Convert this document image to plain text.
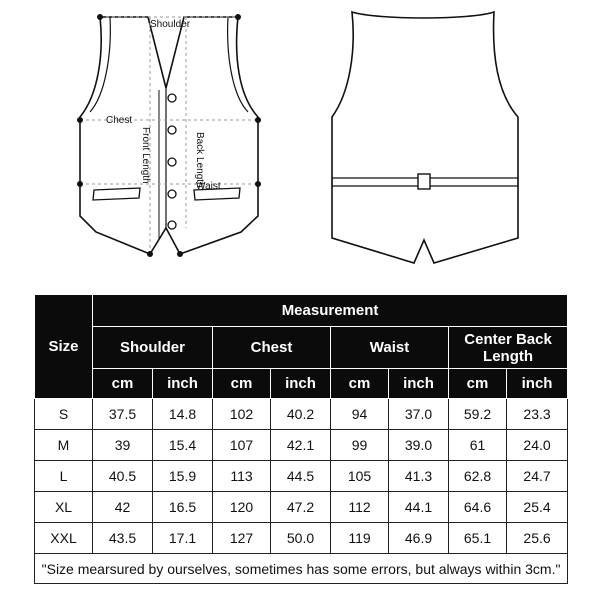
Shoulder
Chest
Waist
Front Length	Back Length
Size	Measurement							
	Shoulder		Chest		Waist		Center Back Length	
	cm	inch	cm	inch	cm	inch	cm	inch
S	37.5	14.8	102	40.2	94	37.0	59.2	23.3
M	39	15.4	107	42.1	99	39.0	61	24.0
L	40.5	15.9	113	44.5	105	41.3	62.8	24.7
XL	42	16.5	120	47.2	112	44.1	64.6	25.4
XXL	43.5	17.1	127	50.0	119	46.9	65.1	25.6
"Size mearsured by ourselves, sometimes has some errors, but always within 3cm."								
